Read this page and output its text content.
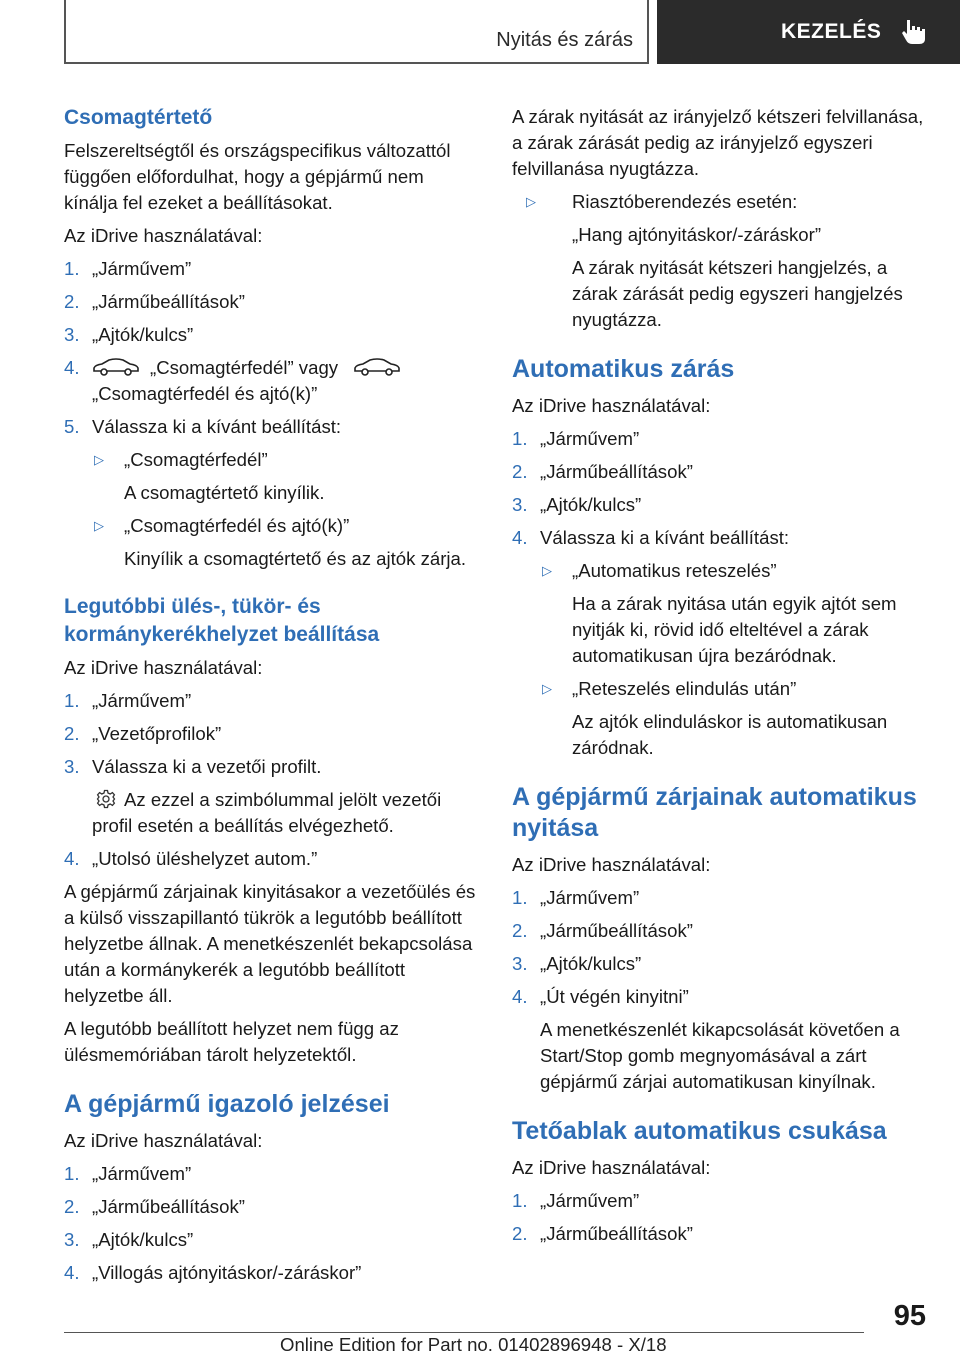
Nyitás és zárás	KEZELÉS
Csomagtértető
Felszereltségtől és országspecifikus változattól függően előfordulhat, hogy a gépjármű nem kínálja fel ezeket a beállításokat.
Az iDrive használatával:
1. „Járművem”
2. „Járműbeállítások”
3. „Ajtók/kulcs”
4.	„Csomagtérfedél” vagy
„Csomagtérfedél és ajtó(k)”
5. Válassza ki a kívánt beállítást:
▷	„Csomagtérfedél”
A csomagtértető kinyílik.
▷	„Csomagtérfedél és ajtó(k)”
Kinyílik a csomagtértető és az ajtók zárja.
Legutóbbi ülés-, tükör- és kormánykerékhelyzet beállítása
Az iDrive használatával:
1. „Járművem”
2. „Vezetőprofilok”
3. Válassza ki a vezetői profilt.
Az ezzel a szimbólummal jelölt vezetői profil esetén a beállítás elvégezhető.
4. „Utolsó üléshelyzet autom.”
A gépjármű zárjainak kinyitásakor a vezetőülés és a külső visszapillantó tükrök a legutóbb beállított helyzetbe állnak. A menetkészenlét bekapcsolása után a kormánykerék a legutóbb beállított helyzetbe áll.
A legutóbb beállított helyzet nem függ az ülésmemóriában tárolt helyzetektől.
A gépjármű igazoló jelzései
Az iDrive használatával:
1. „Járművem”
2. „Járműbeállítások”
3. „Ajtók/kulcs”
4. „Villogás ajtónyitáskor/-záráskor”
A zárak nyitását az irányjelző kétszeri felvillanása, a zárak zárását pedig az irányjelző egyszeri felvillanása nyugtázza.
▷	Riasztóberendezés esetén:
„Hang ajtónyitáskor/-záráskor”
A zárak nyitását kétszeri hangjelzés, a zárak zárását pedig egyszeri hangjelzés nyugtázza.
Automatikus zárás
Az iDrive használatával:
1. „Járművem”
2. „Járműbeállítások”
3. „Ajtók/kulcs”
4. Válassza ki a kívánt beállítást:
▷	„Automatikus reteszelés”
Ha a zárak nyitása után egyik ajtót sem nyitják ki, rövid idő elteltével a zárak automatikusan újra bezáródnak.
▷	„Reteszelés elindulás után”
Az ajtók elinduláskor is automatikusan záródnak.
A gépjármű zárjainak automatikus nyitása
Az iDrive használatával:
1. „Járművem”
2. „Járműbeállítások”
3. „Ajtók/kulcs”
4. „Út végén kinyitni”
A menetkészenlét kikapcsolását követően a Start/Stop gomb megnyomásával a zárt gépjármű zárjai automatikusan kinyílnak.
Tetőablak automatikus csukása
Az iDrive használatával:
1. „Járművem”
2. „Járműbeállítások”
95
Online Edition for Part no. 01402896948 - X/18
